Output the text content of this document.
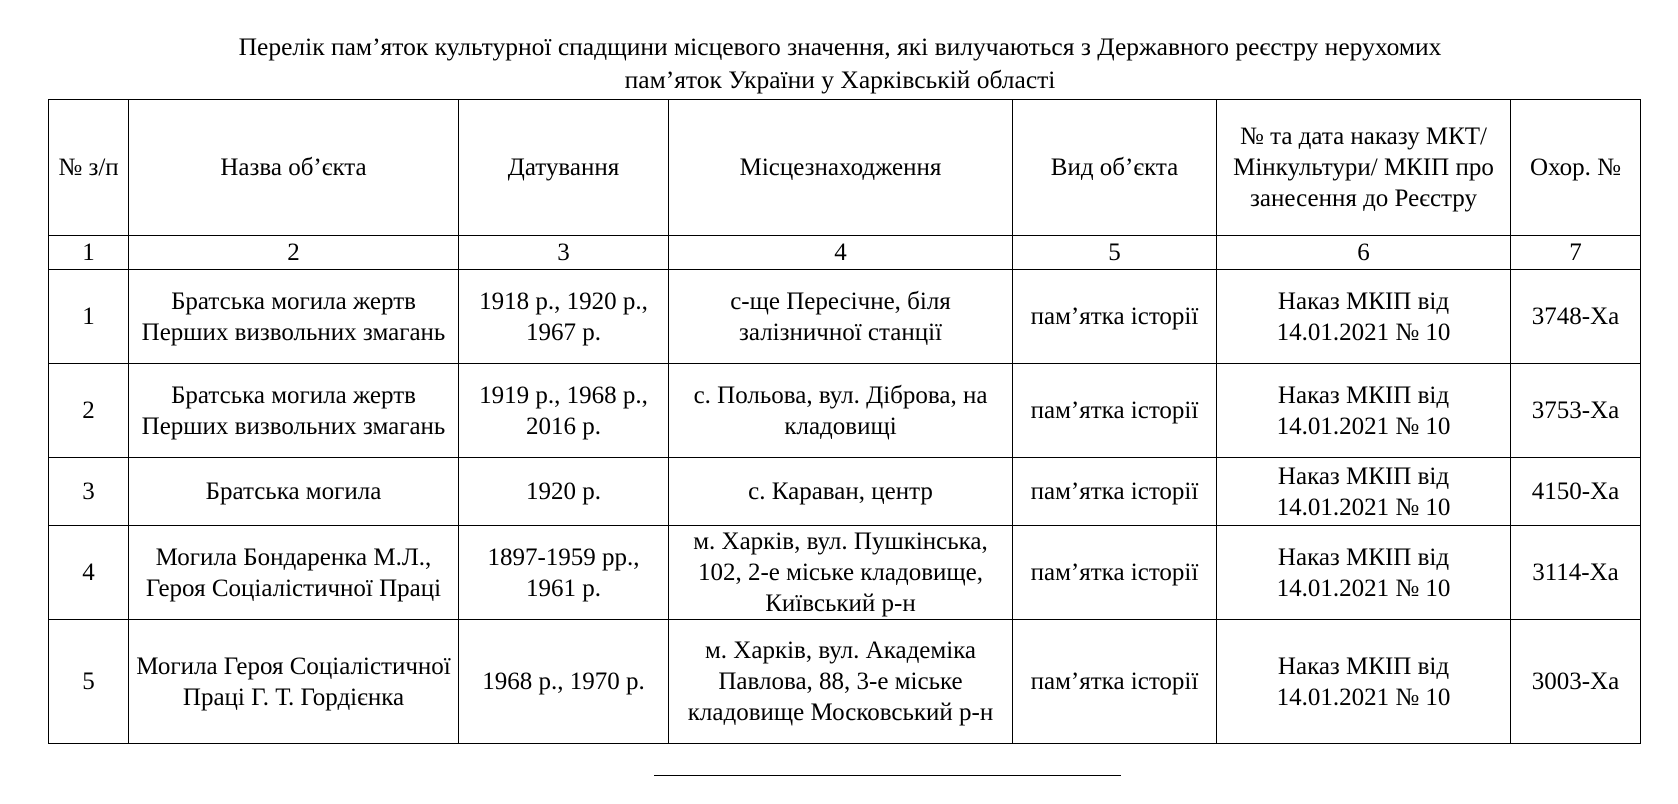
Перелік пам’яток культурної спадщини місцевого значення, які вилучаються з Державного реєстру нерухомих
пам’яток України у Харківській області
№ з/п	Назва об’єкта	Датування	Місцезнаходження	Вид об’єкта	№ та дата наказу МКТ/Мінкультури/ МКІП про занесення до Реєстру	Охор. №
1	2	3	4	5	6	7
1	Братська могила жертв Перших визвольних змагань	1918 р., 1920 р., 1967 р.	с-ще Пересічне, біля залізничної станції	пам’ятка історії	Наказ МКІП від 14.01.2021 № 10	3748-Ха
2	Братська могила жертв Перших визвольних змагань	1919 р., 1968 р., 2016 р.	с. Польова, вул. Діброва, на кладовищі	пам’ятка історії	Наказ МКІП від 14.01.2021 № 10	3753-Ха
3	Братська могила	1920 р.	с. Караван, центр	пам’ятка історії	Наказ МКІП від 14.01.2021 № 10	4150-Ха
4	Могила Бондаренка М.Л., Героя Соціалістичної Праці	1897-1959 рр., 1961 р.	м. Харків, вул. Пушкінська, 102, 2-е міське кладовище, Київський р-н	пам’ятка історії	Наказ МКІП від 14.01.2021 № 10	3114-Ха
5	Могила Героя Соціалістичної Праці Г. Т. Гордієнка	1968 р., 1970 р.	м. Харків, вул. Академіка Павлова, 88, 3-е міське кладовище Московський р-н	пам’ятка історії	Наказ МКІП від 14.01.2021 № 10	3003-Ха
